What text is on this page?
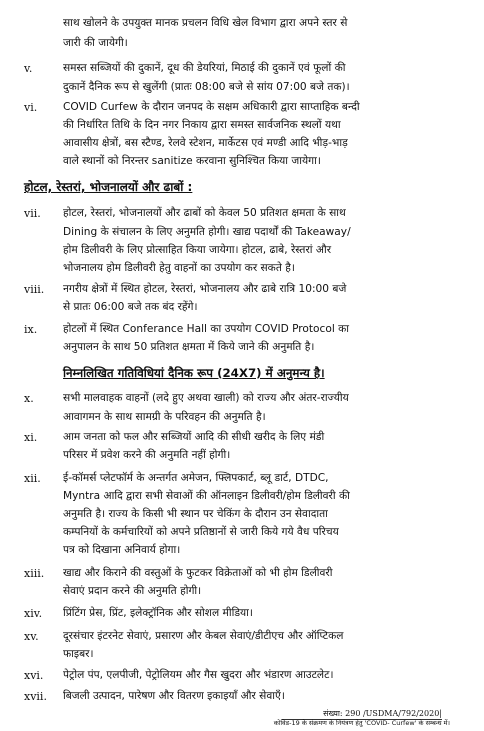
साथ खोलने के उपयुक्त मानक प्रचलन विधि खेल विभाग द्वारा अपने स्तर से
जारी की जायेगी।
v.	समस्त सब्जियों की दुकानें, दूध की डेयरियां, मिठाई की दुकानें एवं फूलों की
दुकानें दैनिक रूप से खुलेंगी (प्रातः 08:00 बजे से सांय 07:00 बजे तक)।
vi. COVID Curfew के दौरान जनपद के सक्षम अधिकारी द्वारा साप्ताहिक बन्दी
की निर्धारित तिथि के दिन नगर निकाय द्वारा समस्त सार्वजनिक स्थलों यथा
आवासीय क्षेत्रों, बस स्टैण्ड, रेलवे स्टेशन, मार्केटस एवं मण्डी आदि भीड़-भाड़
वाले स्थानों को निरन्तर sanitize करवाना सुनिश्चित किया जायेगा।
होटल, रेस्तरां, भोजनालयों और ढाबों :
vii. होटल, रेस्तरां, भोजनालयों और ढाबों को केवल 50 प्रतिशत क्षमता के साथ
Dining के संचालन के लिए अनुमति होगी। खाद्य पदार्थों की Takeaway/
होम डिलीवरी के लिए प्रोत्साहित किया जायेगा। होटल, ढाबे, रेस्तरां और
भोजनालय होम डिलीवरी हेतु वाहनों का उपयोग कर सकते है।
viii. नगरीय क्षेत्रों में स्थित होटल, रेस्तरां, भोजनालय और ढाबे रात्रि 10:00 बजे
से प्रातः 06:00 बजे तक बंद रहेंगे।
ix. होटलों में स्थित Conferance Hall का उपयोग COVID Protocol का
अनुपालन के साथ 50 प्रतिशत क्षमता में किये जाने की अनुमति है।
निम्नलिखित गतिविधियां दैनिक रूप (24X7) में अनुमन्य है।
x.	सभी मालवाहक वाहनों (लदे हुए अथवा खाली) को राज्य और अंतर-राज्यीय
आवागमन के साथ सामग्री के परिवहन की अनुमति है।
xi. आम जनता को फल और सब्जियों आदि की सीधी खरीद के लिए मंडी
परिसर में प्रवेश करने की अनुमति नहीं होगी।
xii. ई-कॉमर्स प्लेटफॉर्म के अन्तर्गत अमेजन, फ्लिपकार्ट, ब्लू डार्ट, DTDC,
Myntra आदि द्वारा सभी सेवाओं की ऑनलाइन डिलीवरी/होम डिलीवरी की
अनुमति है। राज्य के किसी भी स्थान पर चेकिंग के दौरान उन सेवादाता
कम्पनियों के कर्मचारियों को अपने प्रतिष्ठानों से जारी किये गये वैध परिचय
पत्र को दिखाना अनिवार्य होगा।
xiii. खाद्य और किराने की वस्तुओं के फुटकर विक्रेताओं को भी होम डिलीवरी
सेवाएं प्रदान करने की अनुमति होगी।
xiv. प्रिंटिंग प्रेस, प्रिंट, इलेक्ट्रॉनिक और सोशल मीडिया।
xv. दूरसंचार इंटरनेट सेवाएं, प्रसारण और केबल सेवाएं/डीटीएच और ऑप्टिकल
फाइबर।
xvi. पेट्रोल पंप, एलपीजी, पेट्रोलियम और गैस खुदरा और भंडारण आउटलेट।
xvii. बिजली उत्पादन, पारेषण और वितरण इकाइयाँ और सेवाएँ।
संख्या: 290 /USDMA/792/2020|
कोविड-19 के संक्रमण के नियंत्रण हेतु 'COVID- Curfew' के सम्बन्ध में।
